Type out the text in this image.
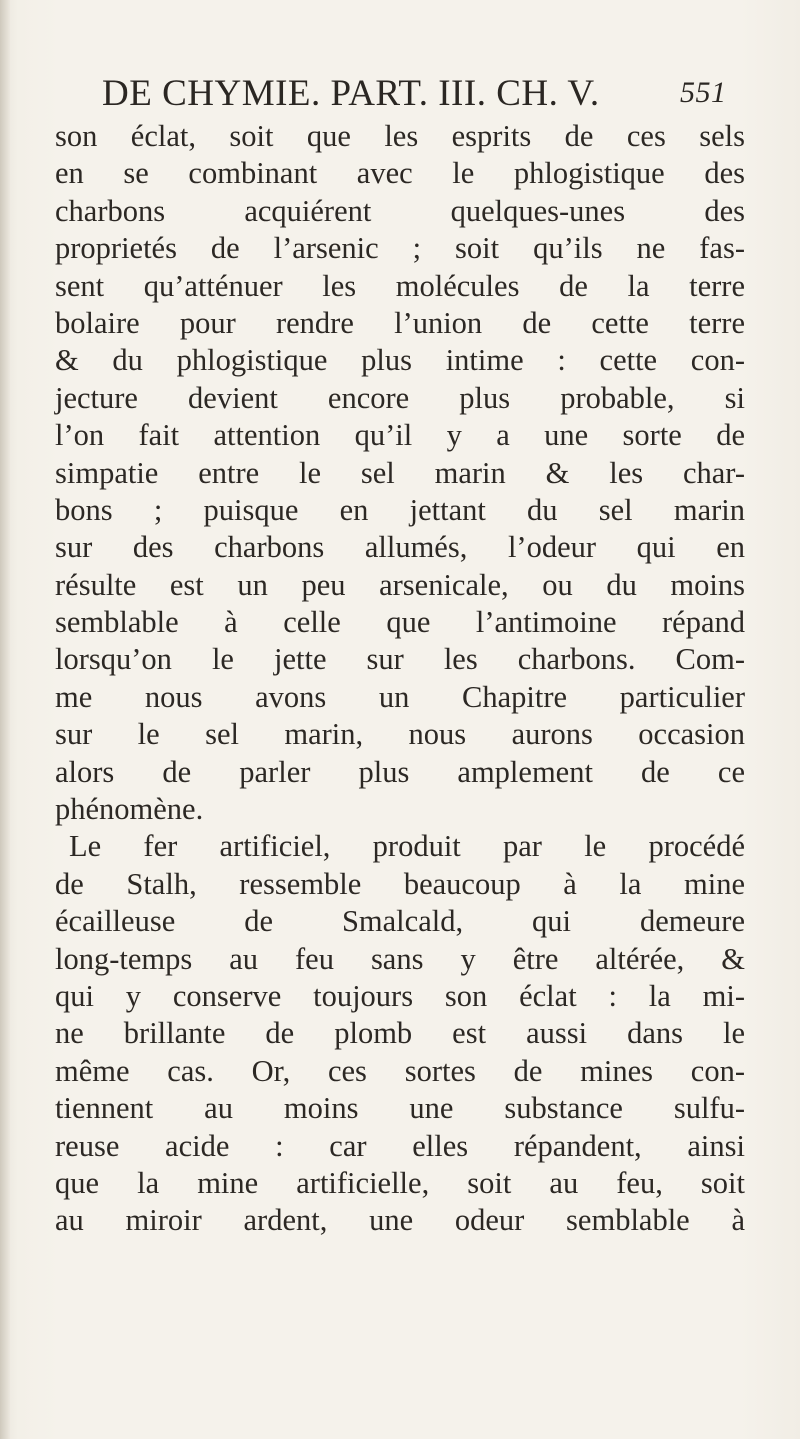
DE CHYMIE. PART. III. CH. V.	551
son éclat, soit que les esprits de ces sels
en se combinant avec le phlogistique des
charbons acquiérent quelques-unes des
proprietés de l’arsenic ; soit qu’ils ne fas-
sent qu’atténuer les molécules de la terre
bolaire pour rendre l’union de cette terre
& du phlogistique plus intime : cette con-
jecture devient encore plus probable, si
l’on fait attention qu’il y a une sorte de
simpatie entre le sel marin & les char-
bons ; puisque en jettant du sel marin
sur des charbons allumés, l’odeur qui en
résulte est un peu arsenicale, ou du moins
semblable à celle que l’antimoine répand
lorsqu’on le jette sur les charbons. Com-
me nous avons un Chapitre particulier
sur le sel marin, nous aurons occasion
alors de parler plus amplement de ce
phénomène.
Le fer artificiel, produit par le procédé
de Stalh, ressemble beaucoup à la mine
écailleuse de Smalcald, qui demeure
long-temps au feu sans y être altérée, &
qui y conserve toujours son éclat : la mi-
ne brillante de plomb est aussi dans le
même cas. Or, ces sortes de mines con-
tiennent au moins une substance sulfu-
reuse acide : car elles répandent, ainsi
que la mine artificielle, soit au feu, soit
au miroir ardent, une odeur semblable à
